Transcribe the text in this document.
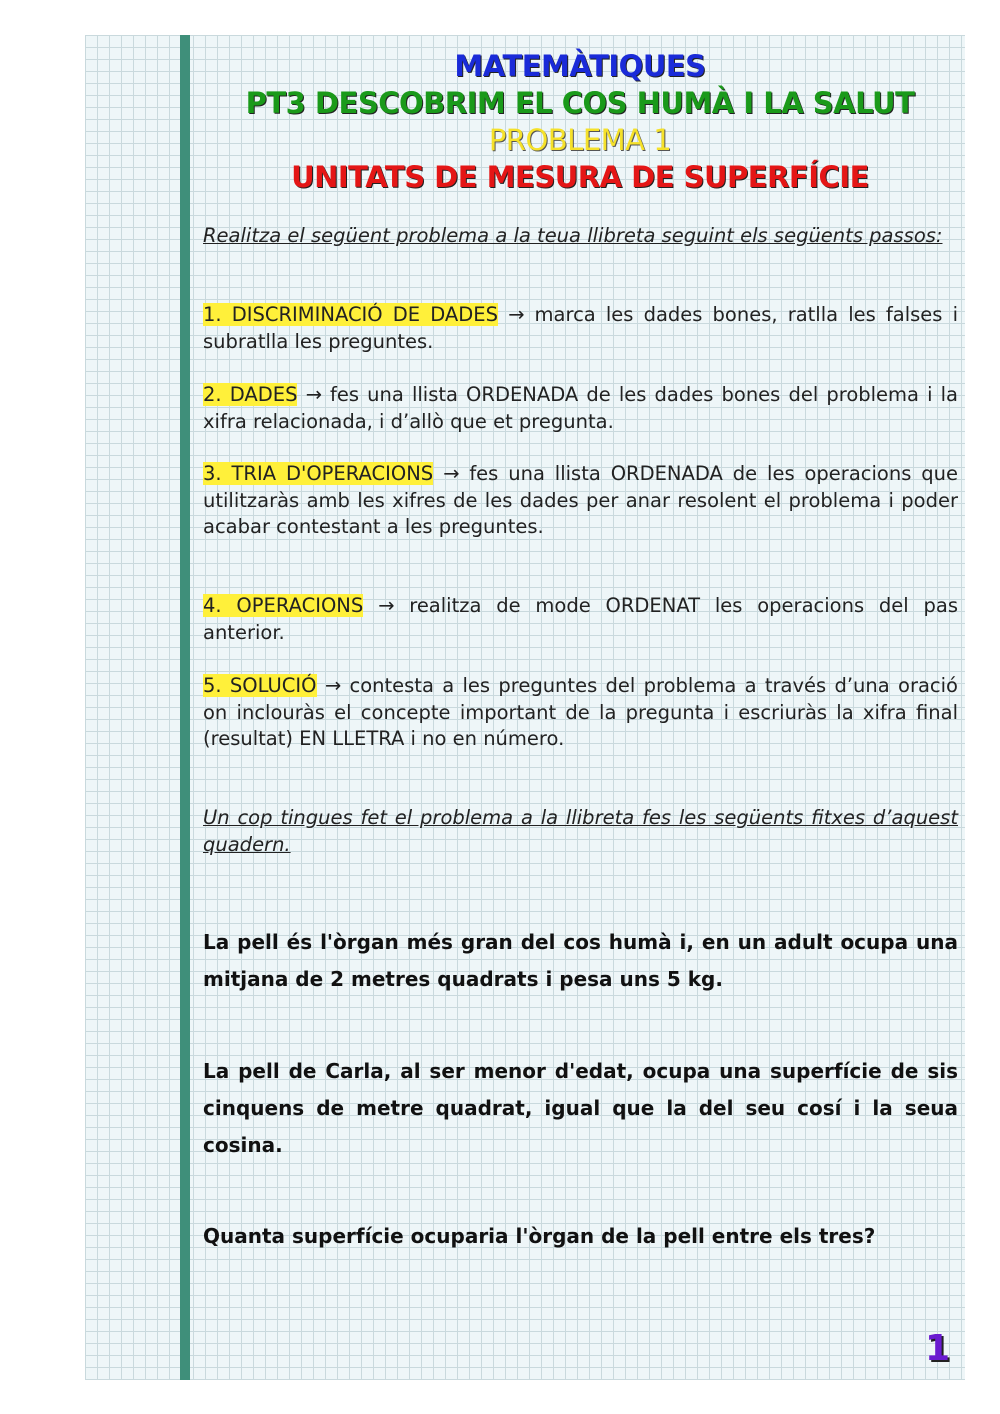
MATEMÀTIQUES
PT3 DESCOBRIM EL COS HUMÀ I LA SALUT
PROBLEMA 1
UNITATS DE MESURA DE SUPERFÍCIE
Realitza el següent problema a la teua llibreta seguint els següents passos:
1. DISCRIMINACIÓ DE DADES → marca les dades bones, ratlla les falses i subratlla les preguntes.
2. DADES → fes una llista ORDENADA de les dades bones del problema i la xifra relacionada, i d’allò que et pregunta.
3. TRIA D'OPERACIONS → fes una llista ORDENADA de les operacions que utilitzaràs amb les xifres de les dades per anar resolent el problema i poder acabar contestant a les preguntes.
4. OPERACIONS → realitza de mode ORDENAT les operacions del pas anterior.
5. SOLUCIÓ → contesta a les preguntes del problema a través d’una oració on inclouràs el concepte important de la pregunta i escriuràs la xifra final (resultat) EN LLETRA i no en número.
Un cop tingues fet el problema a la llibreta fes les següents fitxes d’aquest quadern.
La pell és l'òrgan més gran del cos humà i, en un adult ocupa una mitjana de 2 metres quadrats i pesa uns 5 kg.
La pell de Carla, al ser menor d'edat, ocupa una superfície de sis cinquens de metre quadrat, igual que la del seu cosí i la seua cosina.
Quanta superfície ocuparia l'òrgan de la pell entre els tres?
1
